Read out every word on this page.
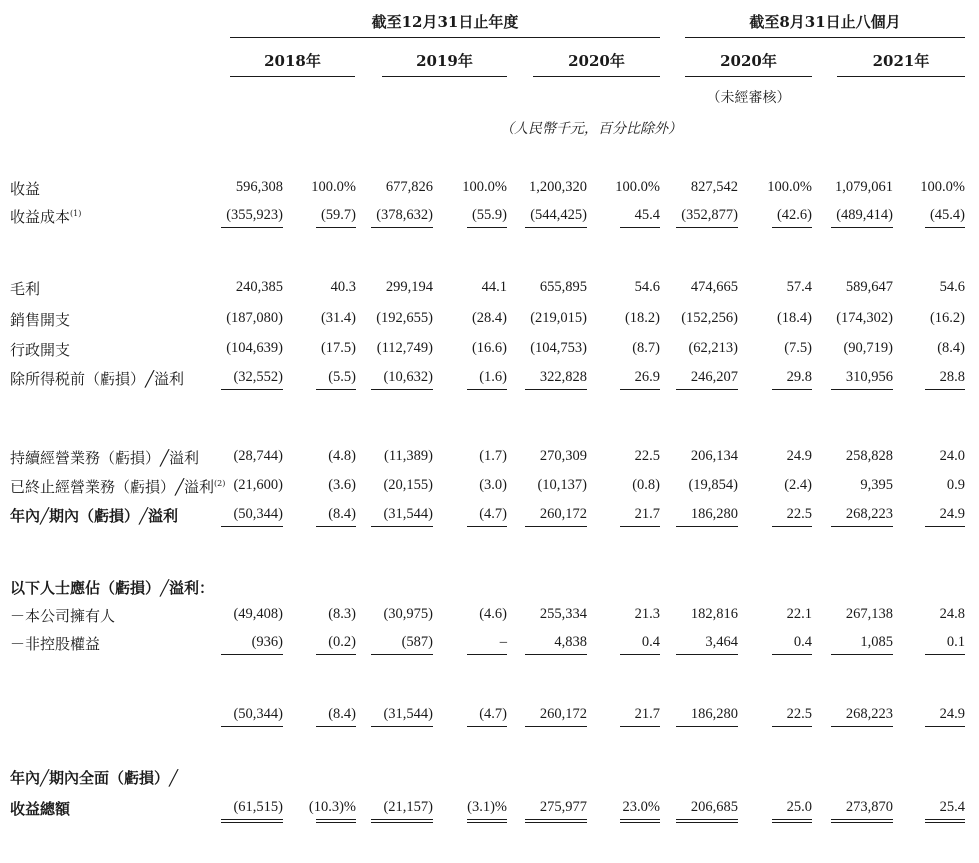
截至12月31日止年度	截至8月31日止八個月
2018年	2019年	2020年	2020年	2021年
（未經審核）
（人民幣千元，百分比除外）
收益	596,308	100.0%	677,826	100.0%	1,200,320	100.0%	827,542	100.0%	1,079,061	100.0%
收益成本$^{(1)}$	(355,923)	(59.7)	(378,632)	(55.9)	(544,425)	45.4	(352,877)	(42.6)	(489,414)	(45.4)
毛利	240,385	40.3	299,194	44.1	655,895	54.6	474,665	57.4	589,647	54.6
銷售開支	(187,080)	(31.4)	(192,655)	(28.4)	(219,015)	(18.2)	(152,256)	(18.4)	(174,302)	(16.2)
行政開支	(104,639)	(17.5)	(112,749)	(16.6)	(104,753)	(8.7)	(62,213)	(7.5)	(90,719)	(8.4)
除所得税前（虧損）╱溢利	(32,552)	(5.5)	(10,632)	(1.6)	322,828	26.9	246,207	29.8	310,956	28.8
持續經營業務（虧損）╱溢利	(28,744)	(4.8)	(11,389)	(1.7)	270,309	22.5	206,134	24.9	258,828	24.0
已終止經營業務（虧損）╱溢利$^{(2)}$ (21,600)	(3.6)	(20,155)	(3.0)	(10,137)	(0.8)	(19,854)	(2.4)	9,395	0.9
年內╱期內（虧損）╱溢利	(50,344)	(8.4)	(31,544)	(4.7)	260,172	21.7	186,280	22.5	268,223	24.9
以下人士應佔（虧損）╱溢利：
－本公司擁有人	(49,408)	(8.3)	(30,975)	(4.6)	255,334	21.3	182,816	22.1	267,138	24.8
－非控股權益	(936)	(0.2)	(587)	–	4,838	0.4	3,464	0.4	1,085	0.1
(50,344)	(8.4)	(31,544)	(4.7)	260,172	21.7	186,280	22.5	268,223	24.9
年內╱期內全面（虧損）╱
收益總額	(61,515)	(10.3)%	(21,157)	(3.1)%	275,977	23.0%	206,685	25.0	273,870	25.4
